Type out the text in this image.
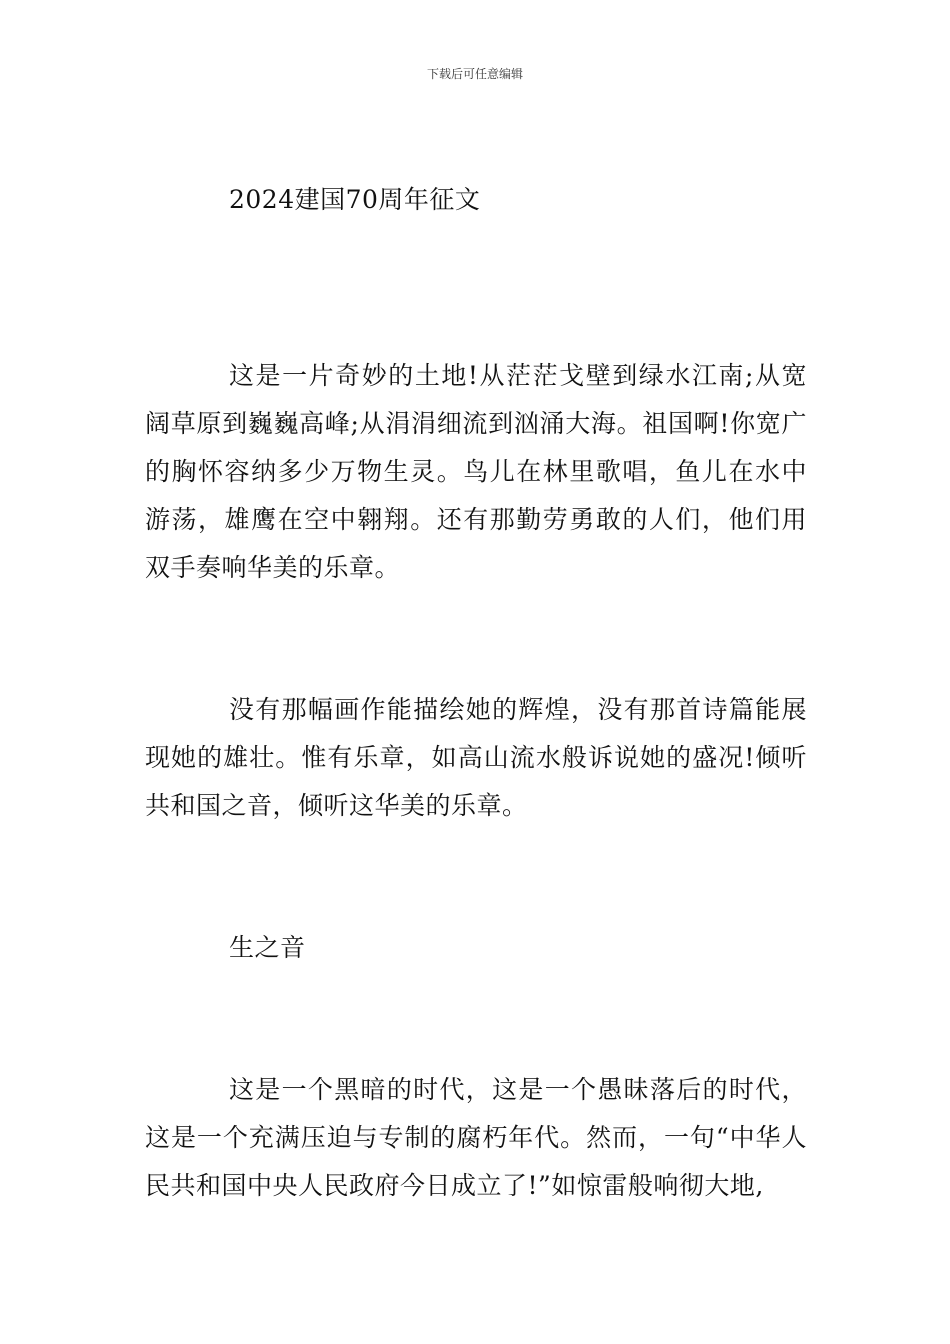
下载后可任意编辑
2024建国70周年征文

这是一片奇妙的土地!从茫茫戈壁到绿水江南;从宽阔草原到巍巍高峰;从涓涓细流到汹涌大海。祖国啊!你宽广的胸怀容纳多少万物生灵。鸟儿在林里歌唱，鱼儿在水中游荡，雄鹰在空中翱翔。还有那勤劳勇敢的人们，他们用双手奏响华美的乐章。

没有那幅画作能描绘她的辉煌，没有那首诗篇能展现她的雄壮。惟有乐章，如高山流水般诉说她的盛况!倾听共和国之音，倾听这华美的乐章。

生之音

这是一个黑暗的时代，这是一个愚昧落后的时代，这是一个充满压迫与专制的腐朽年代。然而，一句“中华人民共和国中央人民政府今日成立了!”如惊雷般响彻大地,
